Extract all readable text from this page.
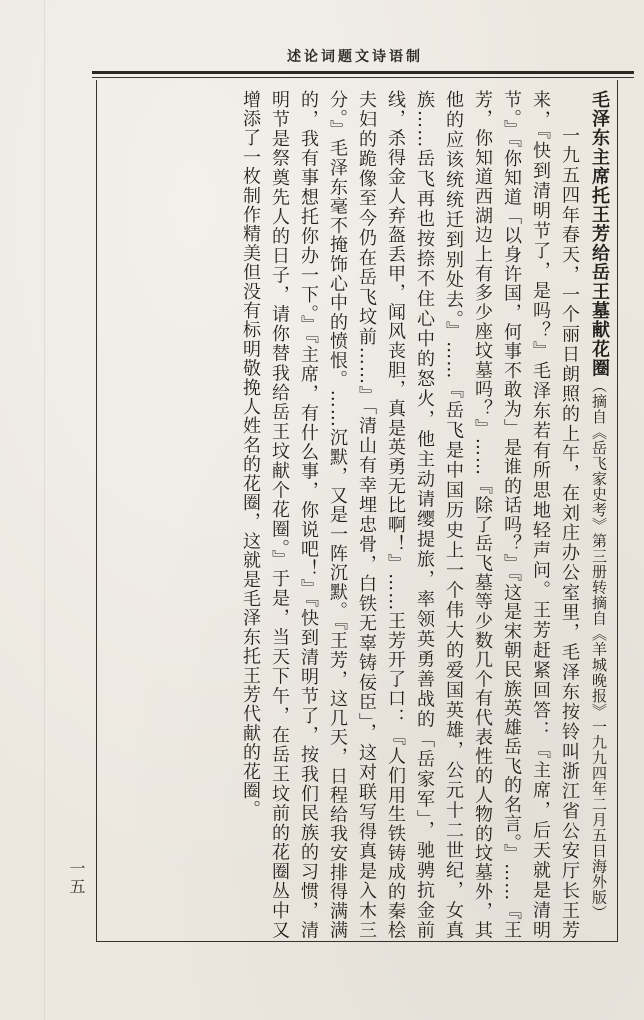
述论词题文诗语制

毛泽东主席托王芳给岳王墓献花圈（摘自《岳飞家史考》第三册转摘自《羊城晚报》一九九四年二月五日海外版）

一九五四年春天，一个丽日朗照的上午，在刘庄办公室里，毛泽东按铃叫浙江省公安厅长王芳来，『快到清明节了，是吗？』毛泽东若有所思地轻声问。王芳赶紧回答：『主席，后天就是清明节。』『你知道「以身许国，何事不敢为」是谁的话吗？』『这是宋朝民族英雄岳飞的名言。』……『王芳，你知道西湖边上有多少座坟墓吗？』……『除了岳飞墓等少数几个有代表性的人物的坟墓外，其他的应该统统迁到别处去。』……『岳飞是中国历史上一个伟大的爱国英雄，公元十二世纪，女真族……岳飞再也按捺不住心中的怒火，他主动请缨提旅，率领英勇善战的「岳家军」，驰骋抗金前线，杀得金人弃盔丢甲，闻风丧胆，真是英勇无比啊！』……王芳开了口：『人们用生铁铸成的秦桧夫妇的跪像至今仍在岳飞坟前……』「清山有幸埋忠骨，白铁无辜铸佞臣」，这对联写得真是入木三分。』毛泽东毫不掩饰心中的愤恨。……沉默，又是一阵沉默。『王芳，这几天，日程给我安排得满满的，我有事想托你办一下。』『主席，有什么事，你说吧！』『快到清明节了，按我们民族的习惯，清明节是祭奠先人的日子，请你替我给岳王坟献个花圈。』于是，当天下午，在岳王坟前的花圈丛中又增添了一枚制作精美但没有标明敬挽人姓名的花圈，这就是毛泽东托王芳代献的花圈。

一五
